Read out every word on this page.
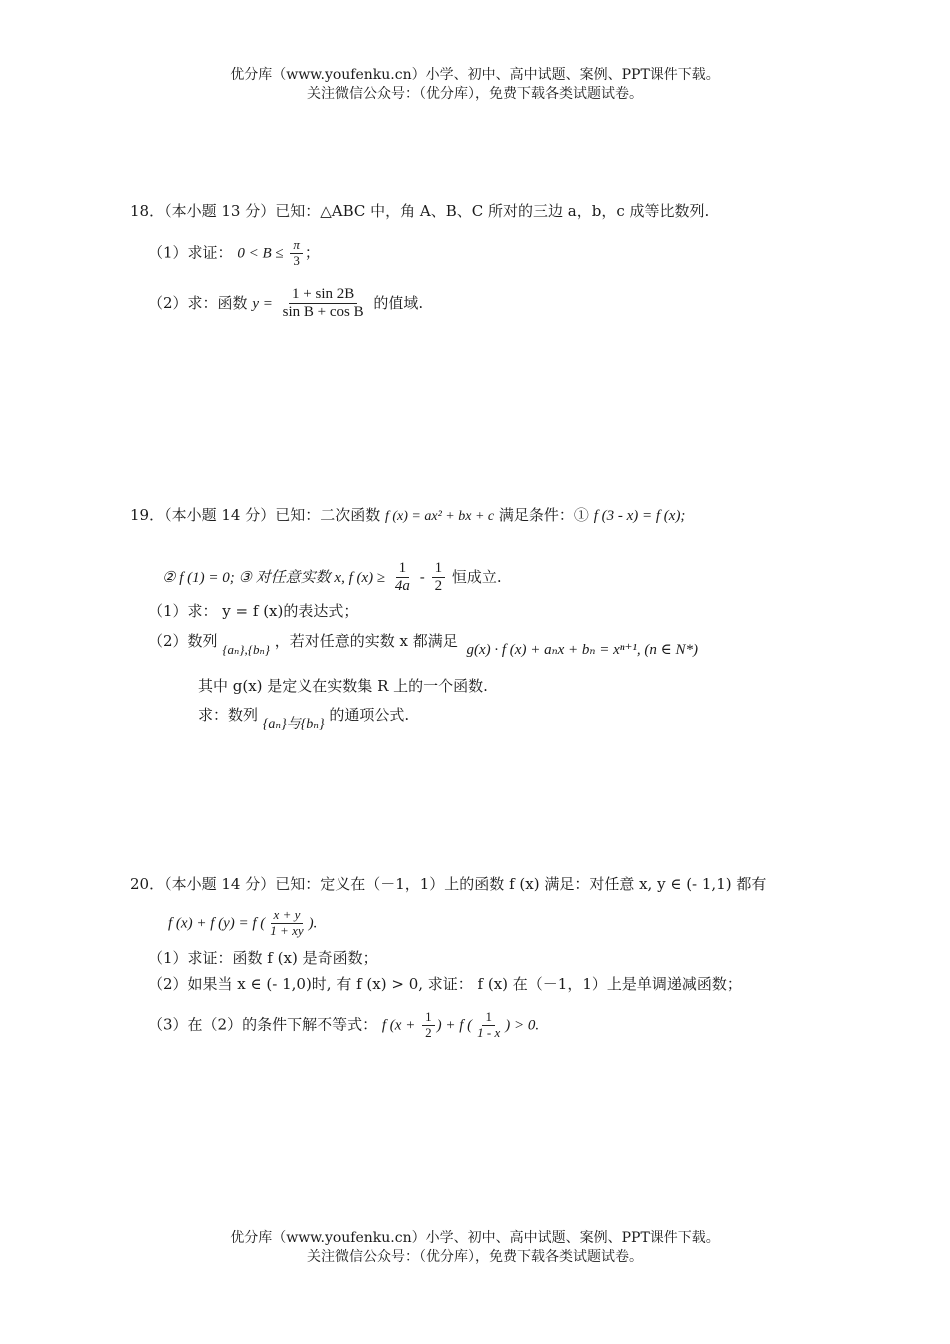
优分库（www.youfenku.cn）小学、初中、高中试题、案例、PPT课件下载。
关注微信公众号：（优分库），免费下载各类试题试卷。
18．（本小题 13 分）已知：△ABC 中，角 A、B、C 所对的三边 a，b，c 成等比数列.
（1）求证： $0 < B \le \frac{\pi}{3}$ ；
（2）求：函数 $y = \frac{1 + \sin 2B}{\text{sin B + cos B}}$ 的值域.
19．（本小题 14 分）已知：二次函数 f (x) = ax² + bx + c 满足条件：① f (3 - x) = f (x);
② f (1) = 0; ③ 对任意实数 x, f $(x) \ge \frac{1}{4a} - \frac{1}{2}$ 恒成立.
（1）求： y = f (x)的表达式；
（2）数列 {aₙ},{bₙ} ，若对任意的实数 x 都满足 g(x) · f (x) + aₙx + bₙ = xⁿ⁺¹, (n ∈ N*)
其中 g(x) 是定义在实数集 R 上的一个函数.
求：数列 {aₙ}与{bₙ} 的通项公式.
20．（本小题 14 分）已知：定义在（－1，1）上的函数 f (x) 满足：对任意 x, y ∈ (- 1,1) 都有
f (x) + f (y) = f ( $\frac{x + y}{1 + xy}$ ).
（1）求证：函数 f (x) 是奇函数；
（2）如果当 x ∈ (- 1,0)时, 有 f (x) > 0, 求证： f (x) 在（－1，1）上是单调递减函数；
（3）在（2）的条件下解不等式： f ($x + \frac{1}{2}$ ) + f ( $\frac{1}{1 - x}$ ) > 0.
优分库（www.youfenku.cn）小学、初中、高中试题、案例、PPT课件下载。
关注微信公众号：（优分库），免费下载各类试题试卷。
